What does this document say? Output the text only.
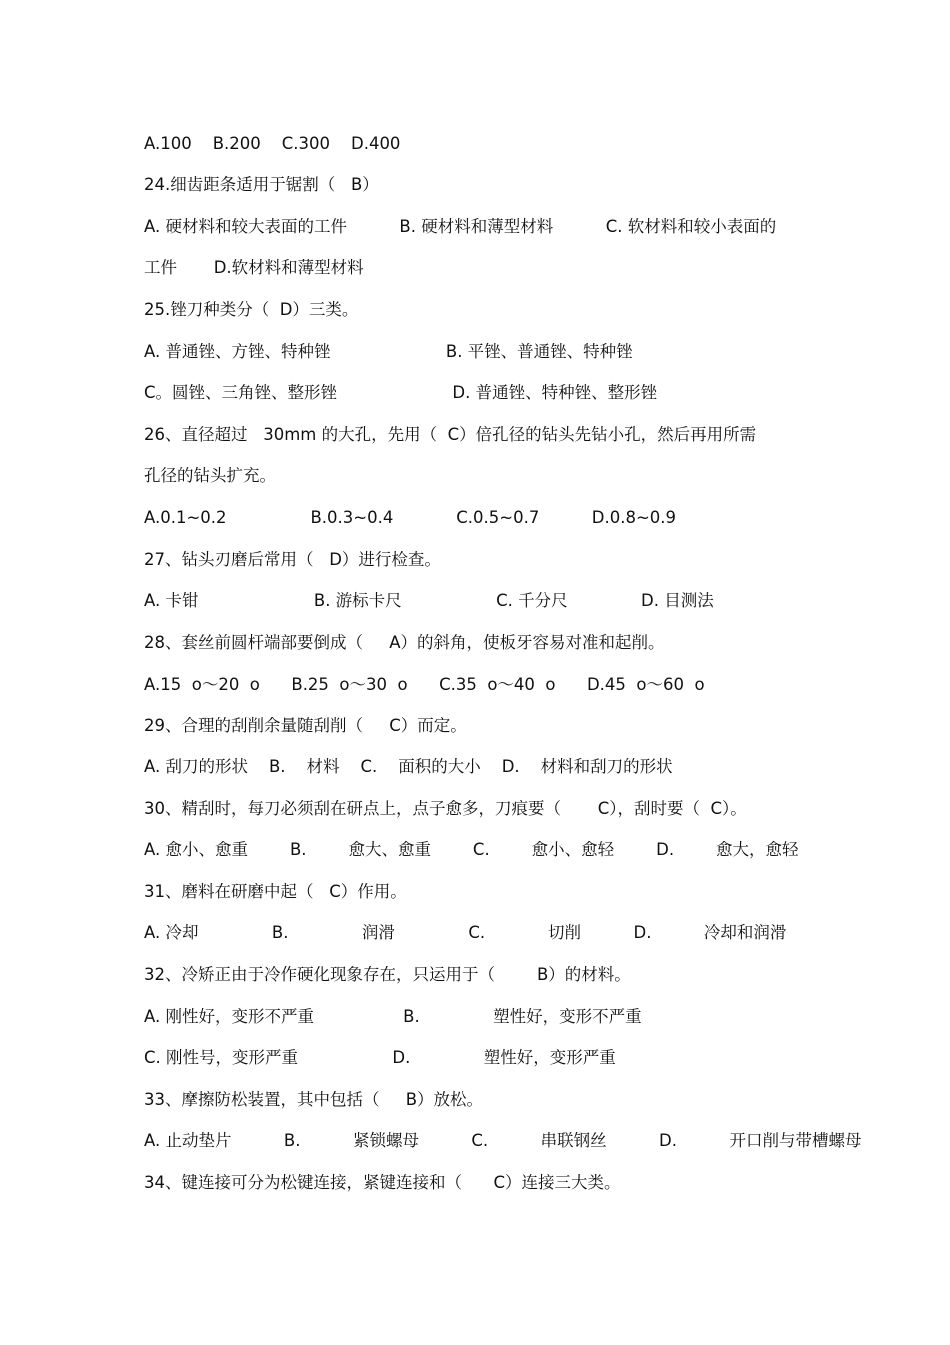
A.100    B.200    C.300    D.400
24.细齿距条适用于锯割（   B）
A. 硬材料和较大表面的工件          B. 硬材料和薄型材料          C. 软材料和较小表面的
工件       D.软材料和薄型材料
25.锉刀种类分（  D）三类。
A. 普通锉、方锉、特种锉                      B. 平锉、普通锉、特种锉
C。圆锉、三角锉、整形锉                      D. 普通锉、特种锉、整形锉
26、直径超过   30mm 的大孔，先用（  C）倍孔径的钻头先钻小孔，然后再用所需
孔径的钻头扩充。
A.0.1~0.2                B.0.3~0.4            C.0.5~0.7          D.0.8~0.9
27、钻头刃磨后常用（   D）进行检查。
A. 卡钳                      B. 游标卡尺                  C. 千分尺              D. 目测法
28、套丝前圆杆端部要倒成（     A）的斜角，使板牙容易对准和起削。
A.15  o～20  o      B.25  o～30  o      C.35  o～40  o      D.45  o～60  o
29、合理的刮削余量随刮削（     C）而定。
A. 刮刀的形状    B.    材料    C.    面积的大小    D.    材料和刮刀的形状
30、精刮时，每刀必须刮在研点上，点子愈多，刀痕要（       C），刮时要（  C）。
A. 愈小、愈重        B.        愈大、愈重        C.        愈小、愈轻        D.        愈大，愈轻
31、磨料在研磨中起（   C）作用。
A. 冷却              B.              润滑              C.            切削          D.          冷却和润滑
32、冷矫正由于冷作硬化现象存在，只运用于（        B）的材料。
A. 刚性好，变形不严重                 B.              塑性好，变形不严重
C. 刚性号，变形严重                  D.              塑性好，变形严重
33、摩擦防松装置，其中包括（     B）放松。
A. 止动垫片          B.          紧锁螺母          C.          串联钢丝          D.          开口削与带槽螺母
34、键连接可分为松键连接，紧键连接和（      C）连接三大类。
